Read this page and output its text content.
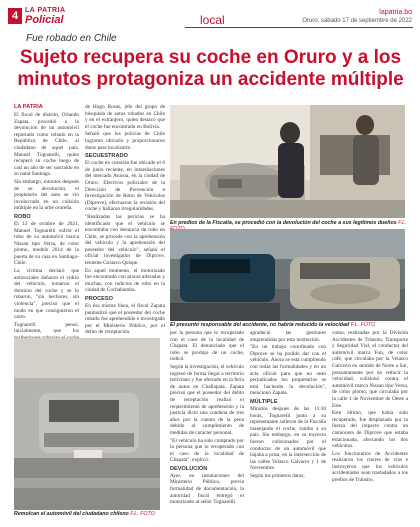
4 LA PATRIA
Policial	local
lapatria.bo
Oruro, sábado 17 de septiembre de 2022
Fue robado en Chile
Sujeto recupera su coche en Oruro y a los minutos protagoniza un accidente múltiple
LA PATRIA

El fiscal de distrito, Orlando Zapata, procedió a la devolución de un automóvil reportado como robado en la República de Chile, al ciudadano de aquel país, Manuel Tognarelli, quien recuperó su coche luego de casi un año de ser sustraído en su natal Santiago.

Sin embargo, minutos después de su devolución, el propietario del auto se vio involucrado en un colisión múltiple en la urbe orureña.

ROBO

El 12 de octubre de 2021, Manuel Tognarelli sufrió el robo de su automóvil marca Nissan tipo Versa, de color plomo, modelo 2014 de la puerta de su casa en Santiago-Chile.

La víctima declaró que antisociales dañaron el vidrio del vehículo, tomaron el dominio del coche y se lo robaron, "sin hechores, sin violencia", precisó que el modo en que consiguieron el carro.

Tognarelli pensó, inicialmente, que los

de Hugo Rosas, jefe del grupo de búsqueda de autos robados en Chile y en el extranjero, quien destacó que el coche fue encontrado en Bolivia.

Señaló que los policías de Chile lograron ubicarlo y proporcionaron datos para localizarlo.

SECUESTRADO

El coche en cuestión fue ubicado el 6 de junio reciente, en inmediaciones del mercado Avaroa, en la ciudad de Oruro. Efectivos policiales de la Dirección de Prevención e Investigación de Robo de Vehículos (Diprove), efectuaron la revisión del coche y hallaron irregularidades.

"Realizadas las pericias se ha identificado que el vehículo se encontraba con denuncia de robo en Chile, se procede con la aprehensión del vehículo y la aprehensión del poseedor del vehículo", señaló el oficial investigador de Diprove, teniente Gustavo Quispe.

En aquel momento, el motorizado fue encontrado con placas alteradas y muchas, con indicios de robo en la ciudad de Cochabamba.

PROCESO

En esa misma línea, el fiscal Zapata puntualizó que el poseedor del coche robado fue aprehendido e investigado por el Ministerio Público, por el delito de receptación.

En predios de la Fiscalía, se procedió con la devolución del coche a sus legítimos dueños F.L.
El presunto responsable del accidente, no habría reducido la velocidad F.L. FOTO
Remolcan el automóvil del ciudadano chileno F.L. FOTO

por la persona que lo recuperado con el caso de la localidad de Chapata. El denunciado que el robo se produjo de un coche, indicó.

Según la investigación, el vehículo ingresó de forma ilegal a territorio boliviano y fue ofertado en la feria de autos en Challapata. Zapata precisó que el poseedor del delito de receptación realizó el requerimiento de aprehensión y la justicia dictó una condena de tres años por la cuenta de la pena debido al cumplimiento de medidas de carácter personal.

"El vehículo ha sido comprado por la persona que lo recuperado con el caso de la localidad de Chapata", explicó.

DEVOLUCIÓN

Ayer, en instalaciones del Ministerio Público, previa formalidad de documentación, la autoridad fiscal entregó el motorizado al señor Tognarelli.

agradeció las gestiones emprendidas por esta institución.

"En un trabajo coordinado con Diprove se ha podido dar con el vehículo. Ahora se está cumpliendo con todas las formalidades y en un acta oficial para que no sean perjudicados los propietarios se está haciendo la devolución", mencionó Zapata.

MÚLTIPLE

Minutos después de las 11:30 horas, Tognarelli junto a su representante salieron de la Fiscalía manejando el coche, rumbo a su país. Sin embargo, en su trayecto fueron colisionados por el conductor de un automóvil que bajaba a prisa, en la intersección de las calles Velasco Galvarro y 1 de Noviembre.

Según los primeros datos,

como, realizadas por la División Accidentes de Tránsito, Transporte y Seguridad Vial, el conductor del automóvil marca Fun, de color café, que circulaba por la Velasco Galvarro en sentido de Norte a Sur, presuntamente por no reducir la velocidad, colisionó contra el automóvil marca Nissan tipo Versa, de color plomo, que circulaba por la calle 1 de Noviembre de Oeste a Este.

Este último, que había sido recuperado, fue desplazado por la fuerza del impacto contra un camioneta de Diprove que estaba estacionada, afectando los dos vehículos.

Los funcionarios de Accidentes realizaron los cierres de vías e instruyeron que los vehículos accidentados sean trasladados a los predios de Tránsito.
